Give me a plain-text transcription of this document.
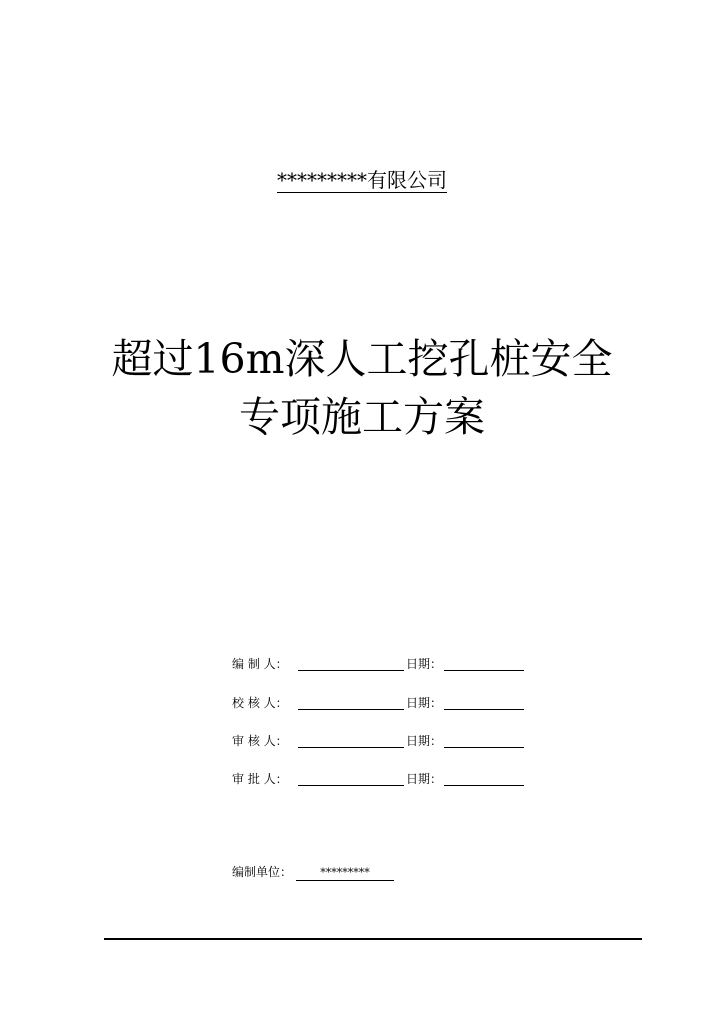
*********有限公司
超过16m深人工挖孔桩安全
专项施工方案
编 制 人：	日期：
校 核 人：	日期：
审 核 人：	日期：
审 批 人：	日期：
编制单位：	*********
